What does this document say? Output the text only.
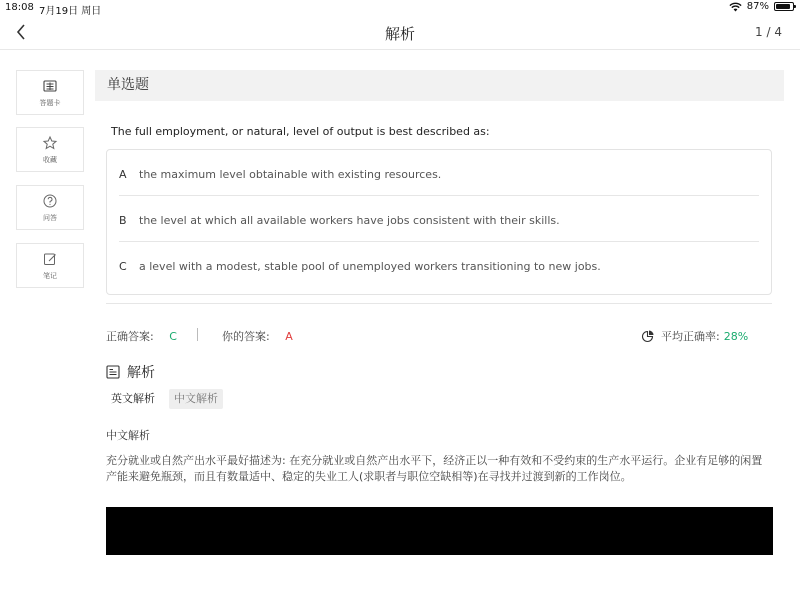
18:08 7月19日 周日	87%
解析	1 / 4
答题卡
收藏
问答
笔记
单选题
The full employment, or natural, level of output is best described as:
A	the maximum level obtainable with existing resources.
B	the level at which all available workers have jobs consistent with their skills.
C	a level with a modest, stable pool of unemployed workers transitioning to new jobs.
正确答案: C	你的答案: A	平均正确率: 28%
解析
英文解析	中文解析
中文解析
充分就业或自然产出水平最好描述为: 在充分就业或自然产出水平下，经济正以一种有效和不受约束的生产水平运行。企业有足够的闲置产能来避免瓶颈，而且有数量适中、稳定的失业工人(求职者与职位空缺相等)在寻找并过渡到新的工作岗位。
